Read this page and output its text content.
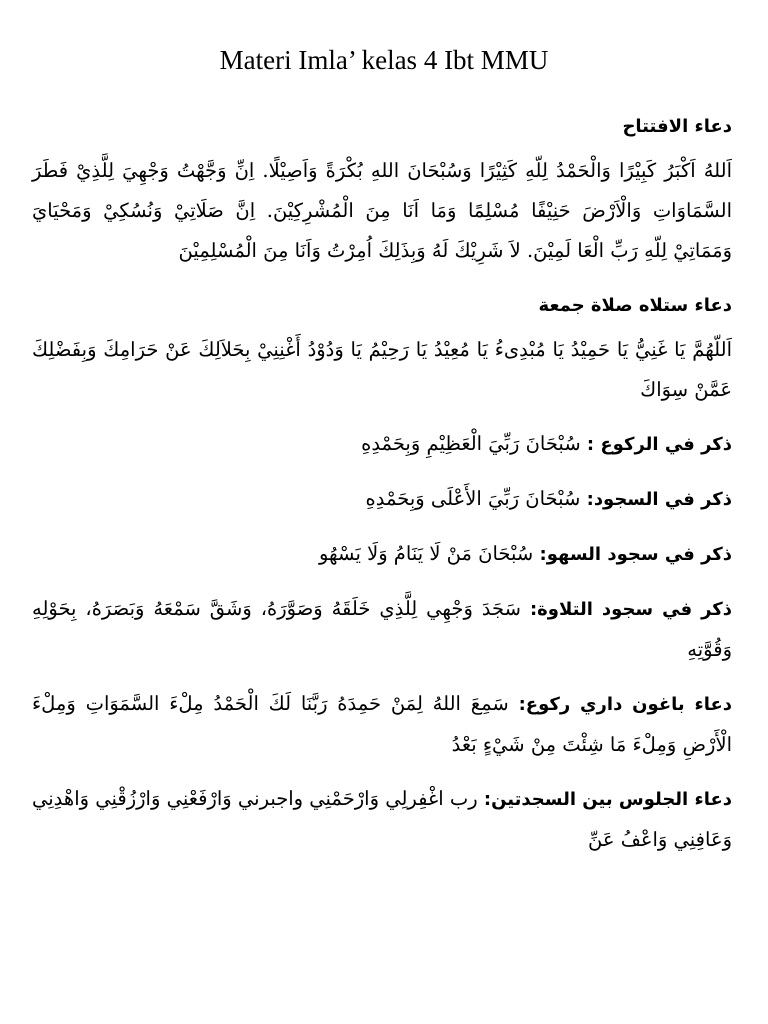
Materi Imla’ kelas 4 Ibt MMU

دعاء الافتتاح

اَللهُ اَكْبَرُ كَبِيْرًا وَالْحَمْدُ لِلّهِ كَثِيْرًا وَسُبْحَانَ اللهِ بُكْرَةً وَاَصِيْلًا. اِنِّ وَجَّهْتُ وَجْهِيَ لِلَّذِيْ فَطَرَ السَّمَاوَاتِ وَالْاَرْضَ حَنِيْفًا مُسْلِمًا وَمَا اَنَا مِنَ الْمُشْرِكِيْنَ. اِنَّ صَلَاتِيْ وَنُسُكِيْ وَمَحْيَايَ وَمَمَاتِيْ لِلّهِ رَبِّ الْعَا لَمِيْنَ. لاَ شَرِيْكَ لَهُ وَبِذَلِكَ اُمِرْتُ وَاَنَا مِنَ الْمُسْلِمِيْنَ

دعاء ستلاه صلاة جمعة

اَللّهُمَّ يَا غَنِيُّ يَا حَمِيْدُ يَا مُبْدِىءُ يَا مُعِيْدُ يَا رَحِيْمُ يَا وَدُوْدُ أَغْنِنِيْ بِحَلاَلِكَ عَنْ حَرَامِكَ وَبِفَضْلِكَ عَمَّنْ سِوَاكَ

ذكر في الركوع : سُبْحَانَ رَبِّيَ الْعَظِيْمِ وَبِحَمْدِهِ

ذكر في السجود: سُبْحَانَ رَبِّيَ الأَعْلَى وَبِحَمْدِهِ

ذكر في سجود السهو: سُبْحَانَ مَنْ لَا يَنَامُ وَلَا يَسْهُو

ذكر في سجود التلاوة: سَجَدَ وَجْهِي لِلَّذِي خَلَقَهُ وَصَوَّرَهُ، وَشَقَّ سَمْعَهُ وَبَصَرَهُ، بِحَوْلِهِ وَقُوَّتِهِ

دعاء باغون داري ركوع: سَمِعَ اللهُ لِمَنْ حَمِدَهُ رَبَّنَا لَكَ الْحَمْدُ مِلْءَ السَّمَوَاتِ وَمِلْءَ الْأَرْضِ وَمِلْءَ مَا شِئْتَ مِنْ شَيْءٍ بَعْدُ

دعاء الجلوس بين السجدتين: رب اغْفِرلِي وَارْحَمْنِي واجبرني وَارْفَعْنِي وَارْزُقْنِي وَاهْدِنِي وَعَافِنِي وَاعْفُ عَنِّ
